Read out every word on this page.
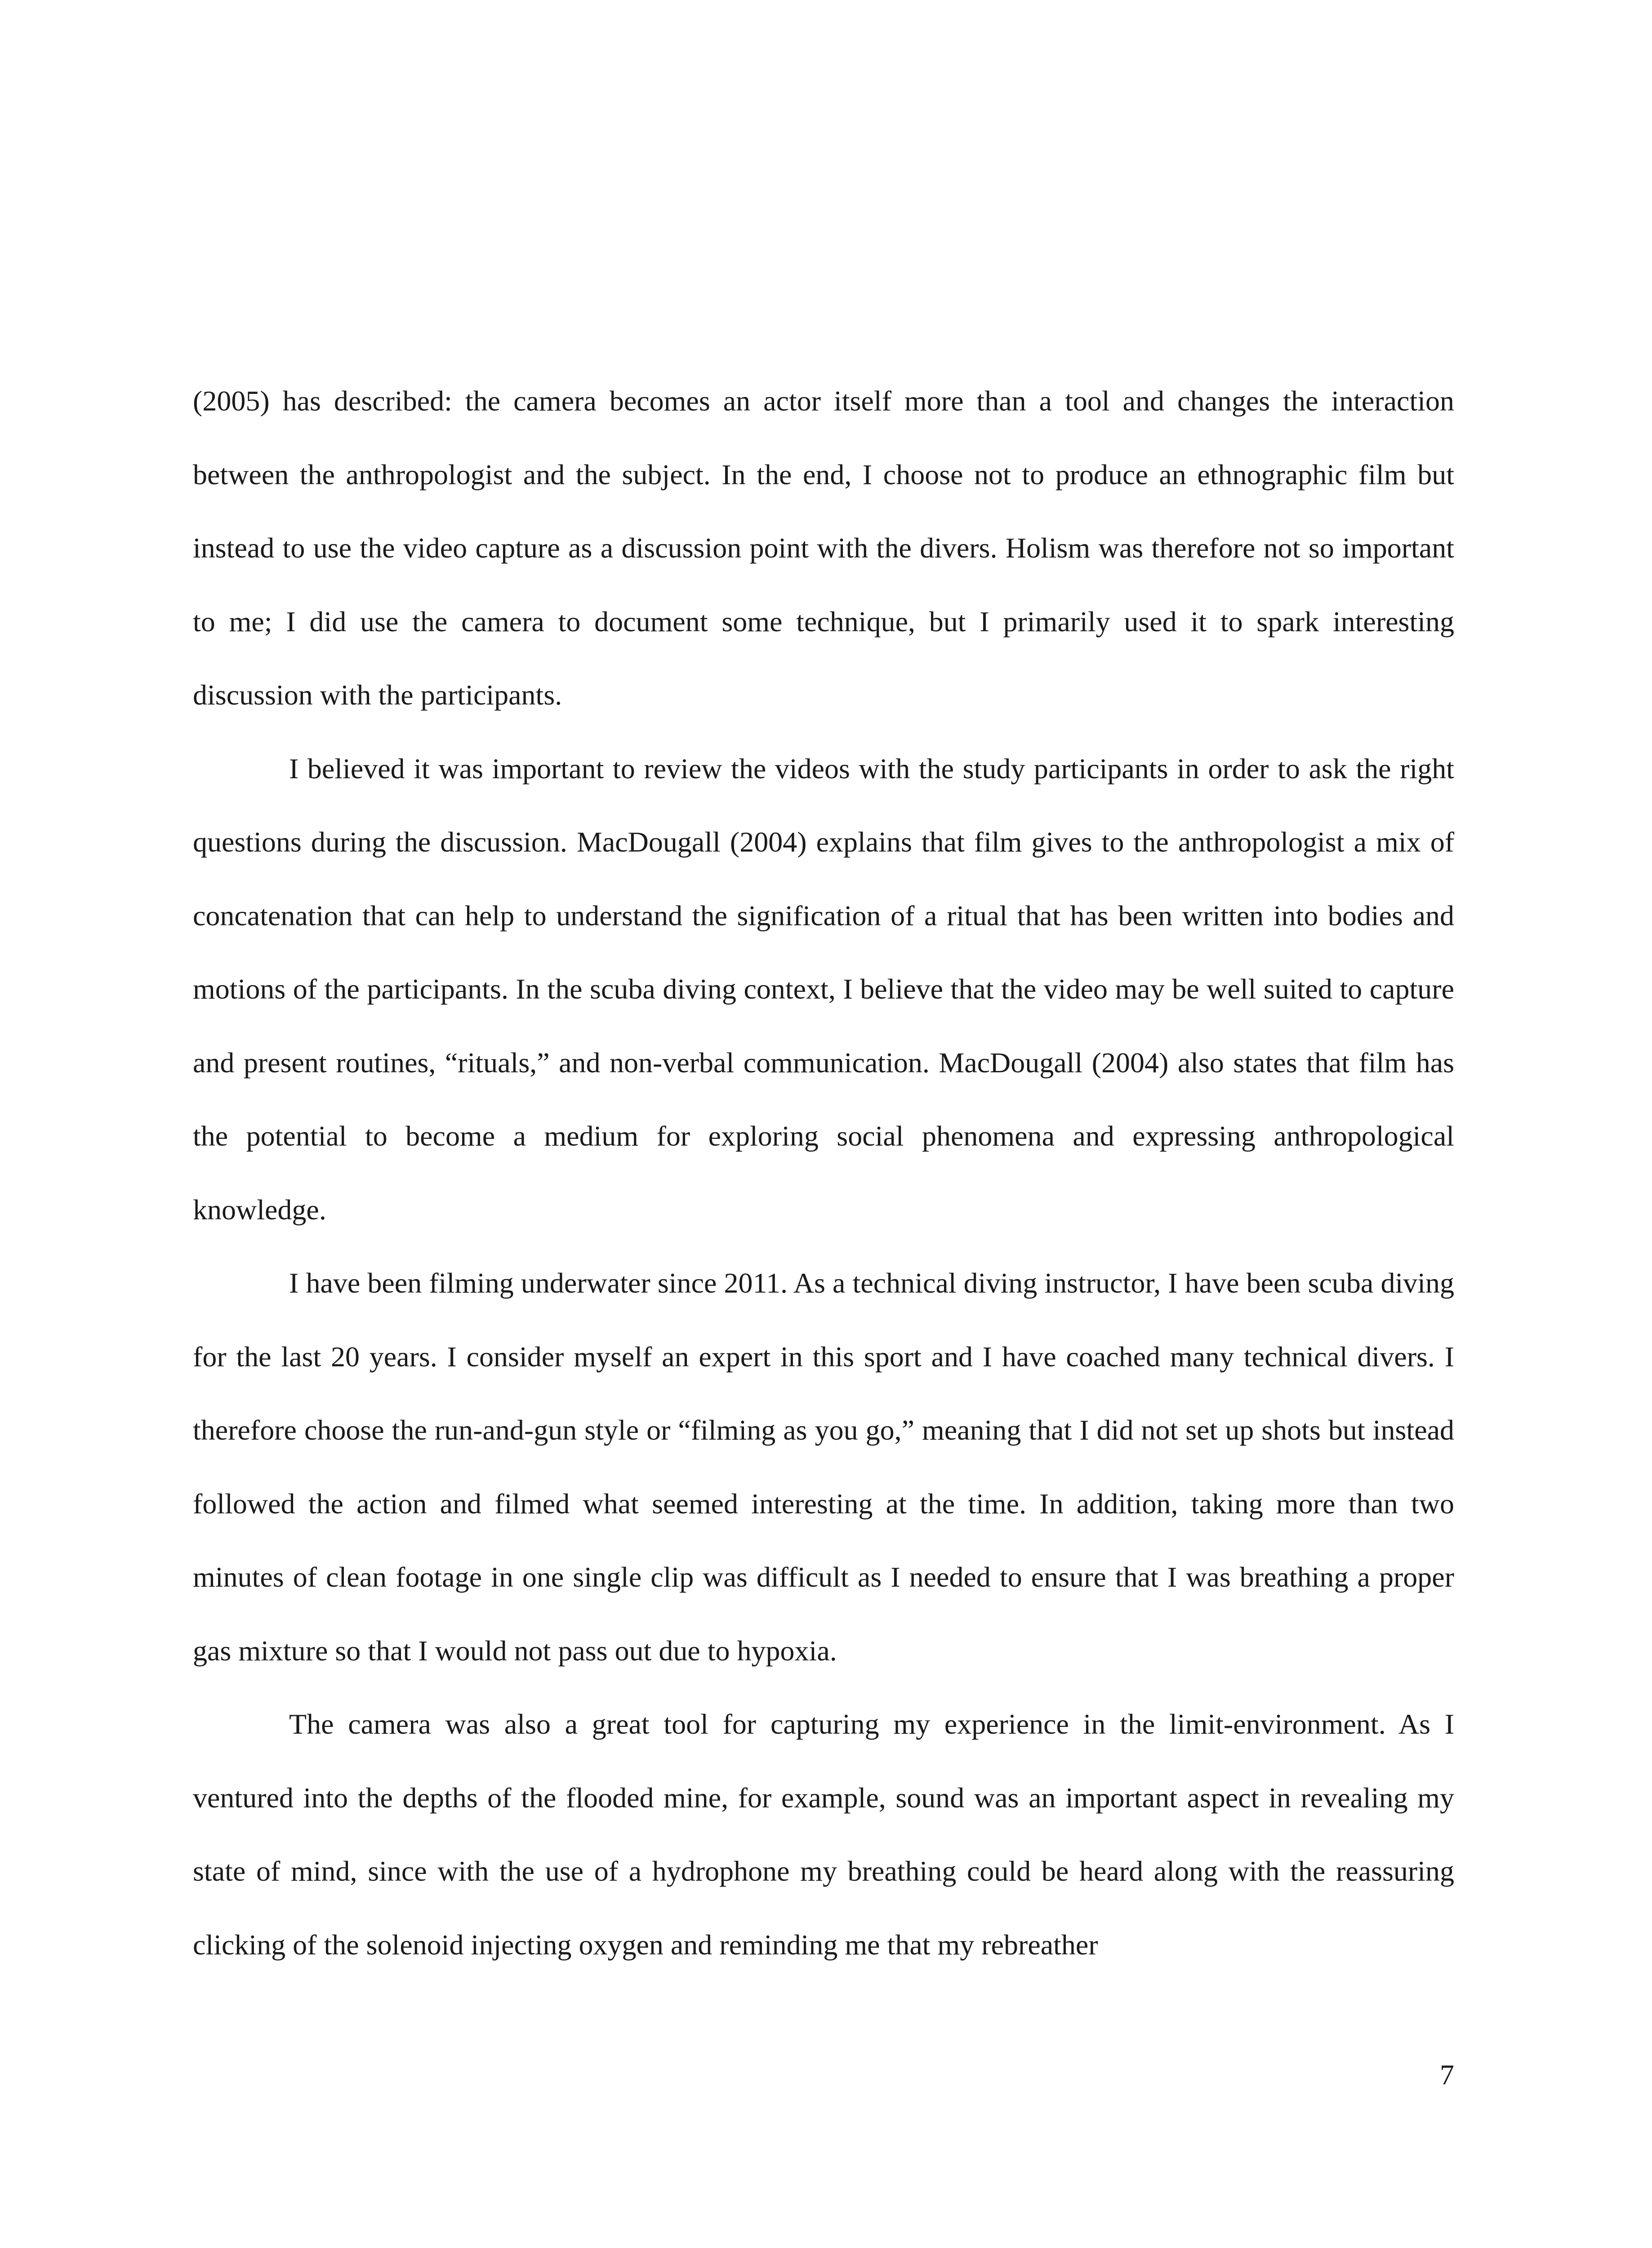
(2005) has described: the camera becomes an actor itself more than a tool and changes the interaction between the anthropologist and the subject. In the end, I choose not to produce an ethnographic film but instead to use the video capture as a discussion point with the divers. Holism was therefore not so important to me; I did use the camera to document some technique, but I primarily used it to spark interesting discussion with the participants.

I believed it was important to review the videos with the study participants in order to ask the right questions during the discussion. MacDougall (2004) explains that film gives to the anthropologist a mix of concatenation that can help to understand the signification of a ritual that has been written into bodies and motions of the participants. In the scuba diving context, I believe that the video may be well suited to capture and present routines, “rituals,” and non-verbal communication. MacDougall (2004) also states that film has the potential to become a medium for exploring social phenomena and expressing anthropological knowledge.

I have been filming underwater since 2011. As a technical diving instructor, I have been scuba diving for the last 20 years. I consider myself an expert in this sport and I have coached many technical divers. I therefore choose the run-and-gun style or “filming as you go,” meaning that I did not set up shots but instead followed the action and filmed what seemed interesting at the time. In addition, taking more than two minutes of clean footage in one single clip was difficult as I needed to ensure that I was breathing a proper gas mixture so that I would not pass out due to hypoxia.

The camera was also a great tool for capturing my experience in the limit-environment. As I ventured into the depths of the flooded mine, for example, sound was an important aspect in revealing my state of mind, since with the use of a hydrophone my breathing could be heard along with the reassuring clicking of the solenoid injecting oxygen and reminding me that my rebreather

7
